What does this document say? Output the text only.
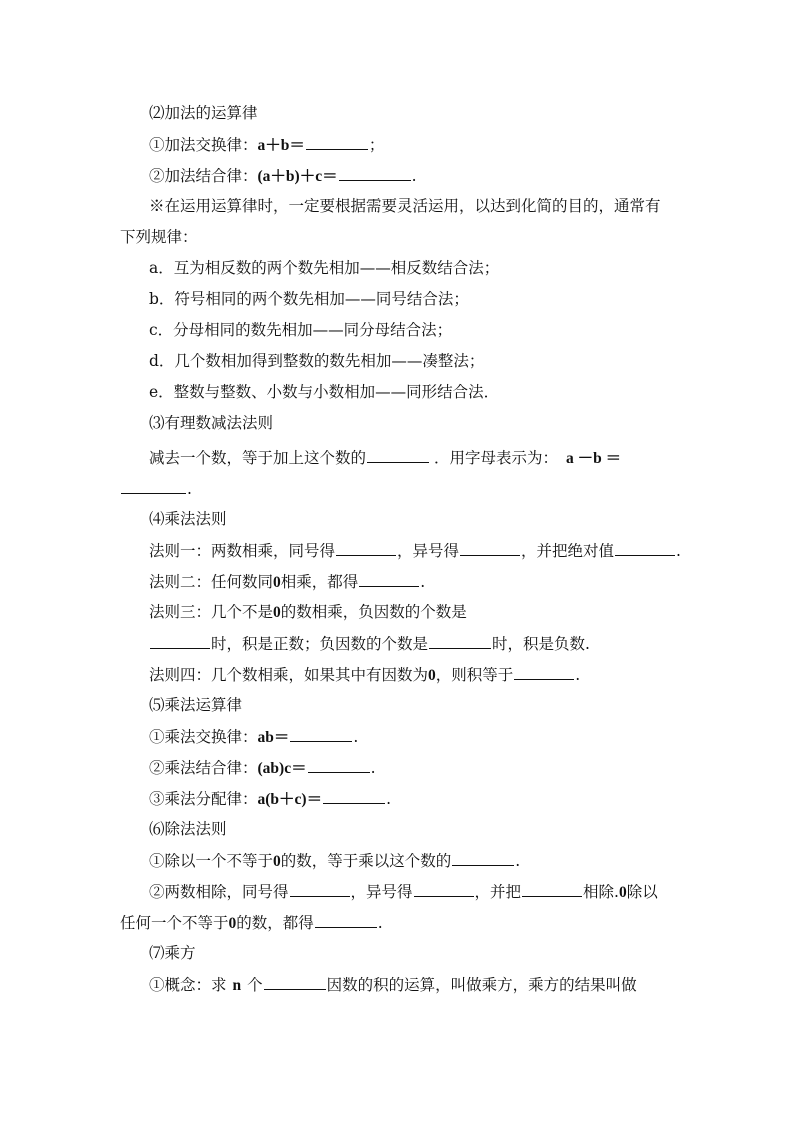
⑵加法的运算律
①加法交换律：a＋b＝	；
②加法结合律：(a＋b)＋c＝	.
※在运用运算律时，一定要根据需要灵活运用，以达到化简的目的，通常有
下列规律：
a．互为相反数的两个数先相加——相反数结合法；
b．符号相同的两个数先相加——同号结合法；
c．分母相同的数先相加——同分母结合法；
d．几个数相加得到整数的数先相加——凑整法；
e．整数与整数、小数与小数相加——同形结合法．
⑶有理数减法法则
减去一个数，等于加上这个数的	．用字母表示为： a －b ＝
.
⑷乘法法则
法则一：两数相乘，同号得	，异号得	，并把绝对值	.
法则二：任何数同0相乘，都得	.
法则三：几个不是0的数相乘，负因数的个数是
时，积是正数；负因数的个数是	时，积是负数.
法则四：几个数相乘，如果其中有因数为0，则积等于	.
⑸乘法运算律
①乘法交换律：ab＝	.
②乘法结合律：(ab)c＝	.
③乘法分配律：a(b＋c)＝	.
⑹除法法则
①除以一个不等于0的数，等于乘以这个数的	.
②两数相除，同号得	，异号得	，并把	相除.0除以
任何一个不等于0的数，都得	.
⑺乘方
①概念：求 n 个	因数的积的运算，叫做乘方，乘方的结果叫做
